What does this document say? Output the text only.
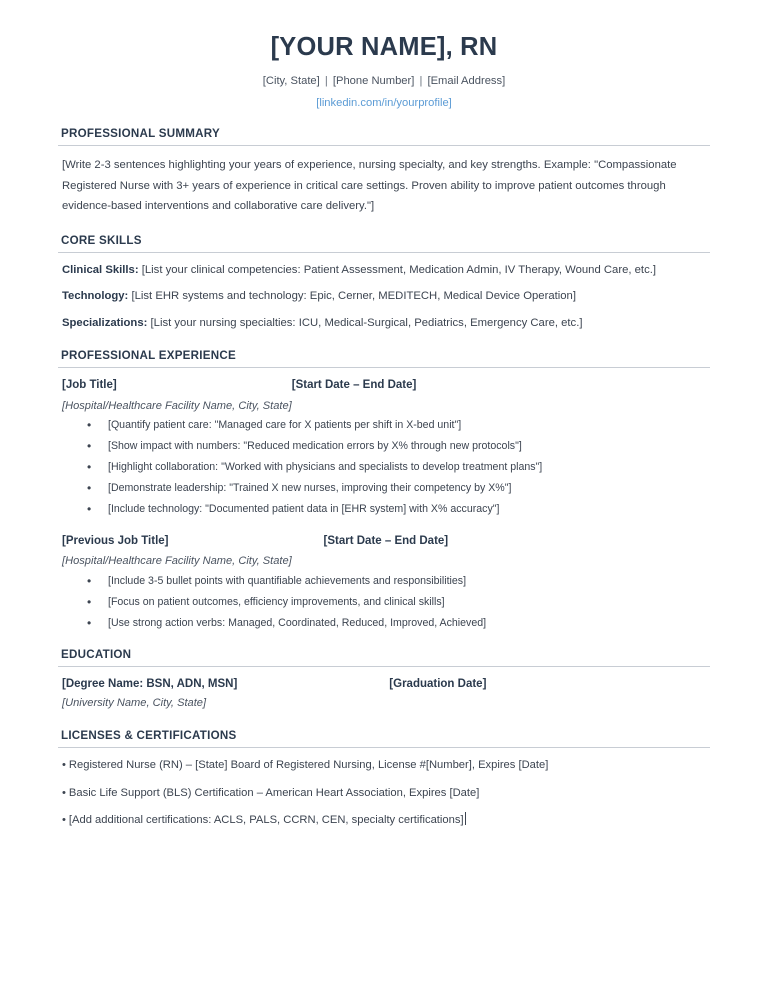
[YOUR NAME], RN
[City, State] | [Phone Number] | [Email Address]
[linkedin.com/in/yourprofile]
PROFESSIONAL SUMMARY

[Write 2-3 sentences highlighting your years of experience, nursing specialty, and key strengths. Example: "Compassionate Registered Nurse with 3+ years of experience in critical care settings. Proven ability to improve patient outcomes through evidence-based interventions and collaborative care delivery."]

CORE SKILLS
Clinical Skills: [List your clinical competencies: Patient Assessment, Medication Admin, IV Therapy, Wound Care, etc.]
Technology: [List EHR systems and technology: Epic, Cerner, MEDITECH, Medical Device Operation]
Specializations: [List your nursing specialties: ICU, Medical-Surgical, Pediatrics, Emergency Care, etc.]
PROFESSIONAL EXPERIENCE
[Job Title]	[Start Date – End Date]
[Hospital/Healthcare Facility Name, City, State]
• [Quantify patient care: "Managed care for X patients per shift in X-bed unit"]
• [Show impact with numbers: "Reduced medication errors by X% through new protocols"]
• [Highlight collaboration: "Worked with physicians and specialists to develop treatment plans"]
• [Demonstrate leadership: "Trained X new nurses, improving their competency by X%"]
• [Include technology: "Documented patient data in [EHR system] with X% accuracy"]
[Previous Job Title]	[Start Date – End Date]
[Hospital/Healthcare Facility Name, City, State]
• [Include 3-5 bullet points with quantifiable achievements and responsibilities]
• [Focus on patient outcomes, efficiency improvements, and clinical skills]
• [Use strong action verbs: Managed, Coordinated, Reduced, Improved, Achieved]
EDUCATION
[Degree Name: BSN, ADN, MSN]	[Graduation Date]
[University Name, City, State]
LICENSES & CERTIFICATIONS
• Registered Nurse (RN) – [State] Board of Registered Nursing, License #[Number], Expires [Date]
• Basic Life Support (BLS) Certification – American Heart Association, Expires [Date]
• [Add additional certifications: ACLS, PALS, CCRN, CEN, specialty certifications]
